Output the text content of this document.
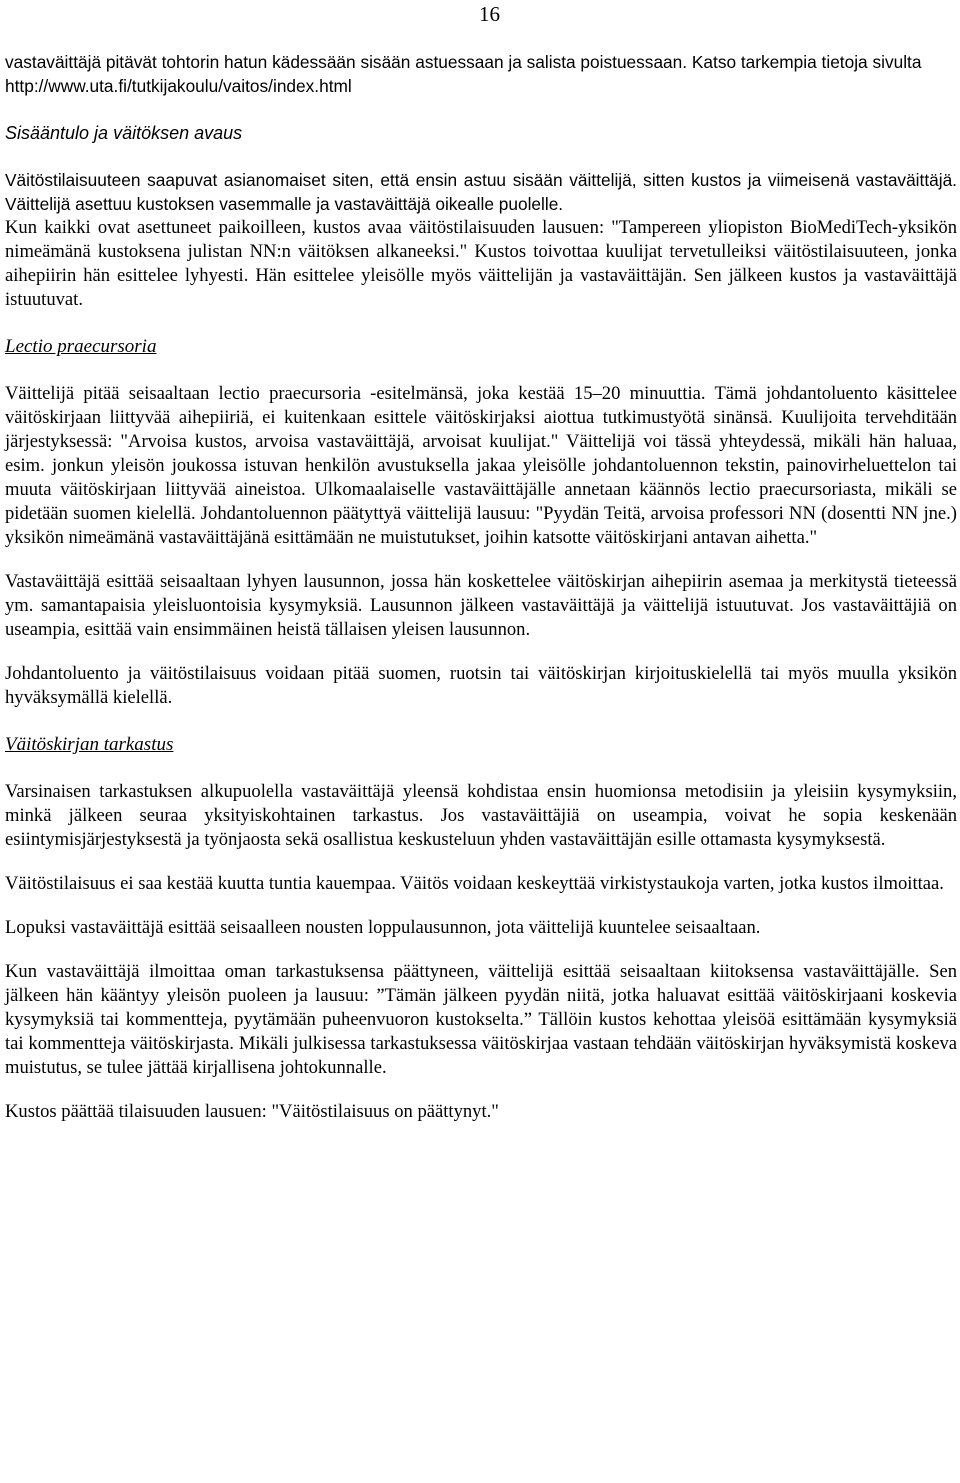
16

vastaväittäjä pitävät tohtorin hatun kädessään sisään astuessaan ja salista poistuessaan. Katso tarkempia tietoja sivulta
http://www.uta.fi/tutkijakoulu/vaitos/index.html

Sisääntulo ja väitöksen avaus

Väitöstilaisuuteen saapuvat asianomaiset siten, että ensin astuu sisään väittelijä, sitten kustos ja viimeisenä vastaväittäjä. Väittelijä asettuu kustoksen vasemmalle ja vastaväittäjä oikealle puolelle.

Kun kaikki ovat asettuneet paikoilleen, kustos avaa väitöstilaisuuden lausuen: "Tampereen yliopiston BioMediTech-yksikön nimeämänä kustoksena julistan NN:n väitöksen alkaneeksi." Kustos toivottaa kuulijat tervetulleiksi väitöstilaisuuteen, jonka aihepiirin hän esittelee lyhyesti. Hän esittelee yleisölle myös väittelijän ja vastaväittäjän. Sen jälkeen kustos ja vastaväittäjä istuutuvat.

Lectio praecursoria

Väittelijä pitää seisaaltaan lectio praecursoria -esitelmänsä, joka kestää 15–20 minuuttia. Tämä johdantoluento käsittelee väitöskirjaan liittyvää aihepiiriä, ei kuitenkaan esittele väitöskirjaksi aiottua tutkimustyötä sinänsä. Kuulijoita tervehditään järjestyksessä: "Arvoisa kustos, arvoisa vastaväittäjä, arvoisat kuulijat." Väittelijä voi tässä yhteydessä, mikäli hän haluaa, esim. jonkun yleisön joukossa istuvan henkilön avustuksella jakaa yleisölle johdantoluennon tekstin, painovirheluettelon tai muuta väitöskirjaan liittyvää aineistoa. Ulkomaalaiselle vastaväittäjälle annetaan käännös lectio praecursoriasta, mikäli se pidetään suomen kielellä. Johdantoluennon päätyttyä väittelijä lausuu: "Pyydän Teitä, arvoisa professori NN (dosentti NN jne.) yksikön nimeämänä vastaväittäjänä esittämään ne muistutukset, joihin katsotte väitöskirjani antavan aihetta."

Vastaväittäjä esittää seisaaltaan lyhyen lausunnon, jossa hän koskettelee väitöskirjan aihepiirin asemaa ja merkitystä tieteessä ym. samantapaisia yleisluontoisia kysymyksiä. Lausunnon jälkeen vastaväittäjä ja väittelijä istuutuvat. Jos vastaväittäjiä on useampia, esittää vain ensimmäinen heistä tällaisen yleisen lausunnon.

Johdantoluento ja väitöstilaisuus voidaan pitää suomen, ruotsin tai väitöskirjan kirjoituskielellä tai myös muulla yksikön hyväksymällä kielellä.

Väitöskirjan tarkastus

Varsinaisen tarkastuksen alkupuolella vastaväittäjä yleensä kohdistaa ensin huomionsa metodisiin ja yleisiin kysymyksiin, minkä jälkeen seuraa yksityiskohtainen tarkastus. Jos vastaväittäjiä on useampia, voivat he sopia keskenään esiintymisjärjestyksestä ja työnjaosta sekä osallistua keskusteluun yhden vastaväittäjän esille ottamasta kysymyksestä.

Väitöstilaisuus ei saa kestää kuutta tuntia kauempaa. Väitös voidaan keskeyttää virkistystaukoja varten, jotka kustos ilmoittaa.

Lopuksi vastaväittäjä esittää seisaalleen nousten loppulausunnon, jota väittelijä kuuntelee seisaaltaan.

Kun vastaväittäjä ilmoittaa oman tarkastuksensa päättyneen, väittelijä esittää seisaaltaan kiitoksensa vastaväittäjälle. Sen jälkeen hän kääntyy yleisön puoleen ja lausuu: ”Tämän jälkeen pyydän niitä, jotka haluavat esittää väitöskirjaani koskevia kysymyksiä tai kommentteja, pyytämään puheenvuoron kustokselta.” Tällöin kustos kehottaa yleisöä esittämään kysymyksiä tai kommentteja väitöskirjasta. Mikäli julkisessa tarkastuksessa väitöskirjaa vastaan tehdään väitöskirjan hyväksymistä koskeva muistutus, se tulee jättää kirjallisena johtokunnalle.

Kustos päättää tilaisuuden lausuen: "Väitöstilaisuus on päättynyt."
